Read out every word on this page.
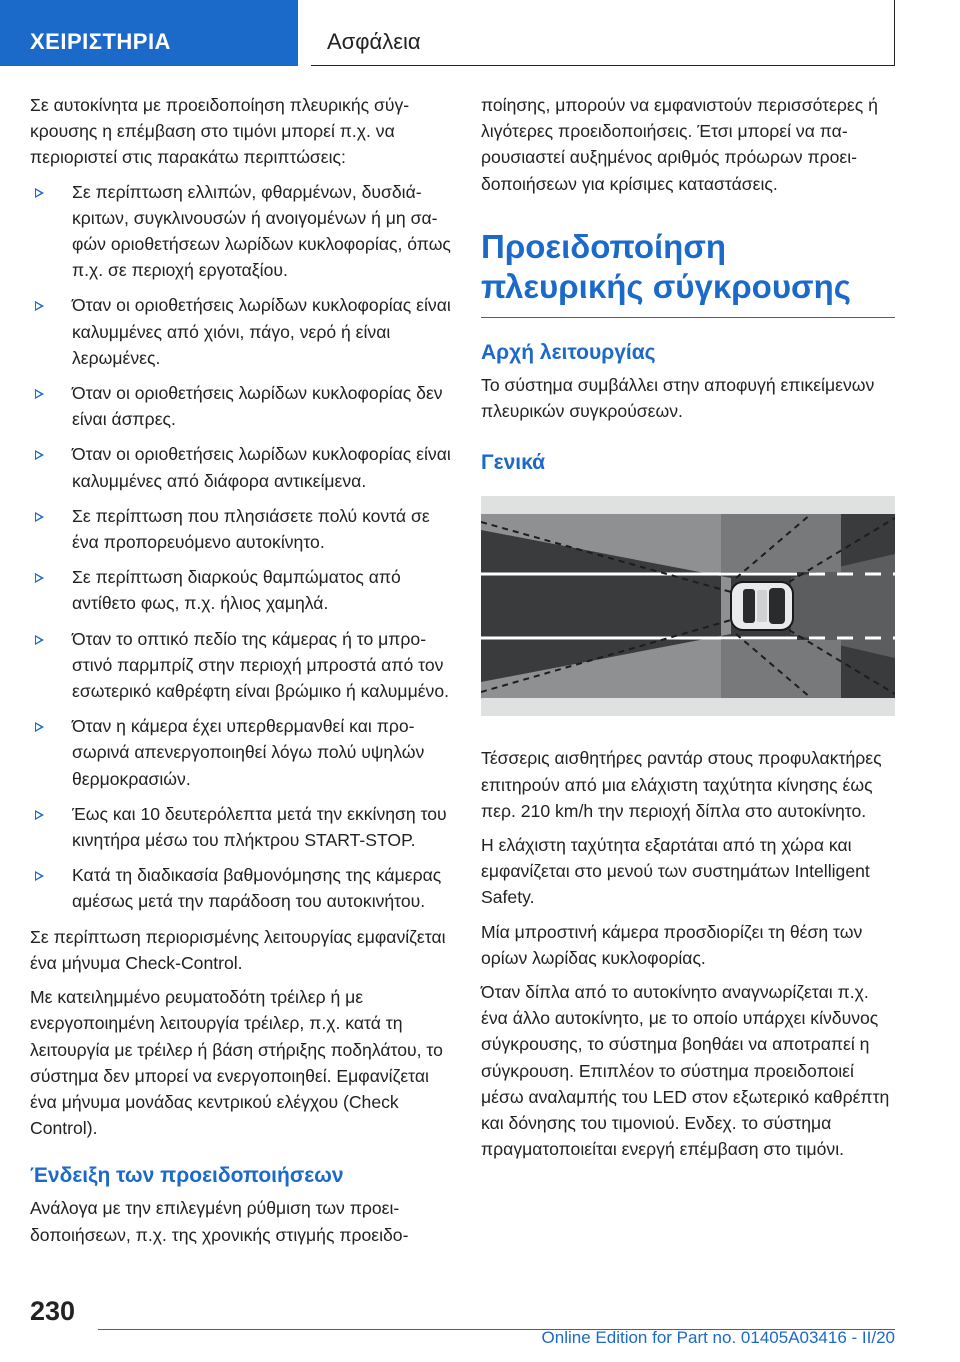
ΧΕΙΡΙΣΤΗΡΙΑ	Ασφάλεια

Σε αυτοκίνητα με προειδοποίηση πλευρικής σύγκρουσης η επέμβαση στο τιμόνι μπορεί π.χ. να περιοριστεί στις παρακάτω περιπτώσεις:

Σε περίπτωση ελλιπών, φθαρμένων, δυσδιάκριτων, συγκλινουσών ή ανοιγομένων ή μη σαφών οριοθετήσεων λωρίδων κυκλοφορίας, όπως π.χ. σε περιοχή εργοταξίου.
Όταν οι οριοθετήσεις λωρίδων κυκλοφορίας είναι καλυμμένες από χιόνι, πάγο, νερό ή είναι λερωμένες.
Όταν οι οριοθετήσεις λωρίδων κυκλοφορίας δεν είναι άσπρες.
Όταν οι οριοθετήσεις λωρίδων κυκλοφορίας είναι καλυμμένες από διάφορα αντικείμενα.
Σε περίπτωση που πλησιάσετε πολύ κοντά σε ένα προπορευόμενο αυτοκίνητο.
Σε περίπτωση διαρκούς θαμπώματος από αντίθετο φως, π.χ. ήλιος χαμηλά.
Όταν το οπτικό πεδίο της κάμερας ή το μπροστινό παρμπρίζ στην περιοχή μπροστά από τον εσωτερικό καθρέφτη είναι βρώμικο ή καλυμμένο.
Όταν η κάμερα έχει υπερθερμανθεί και προσωρινά απενεργοποιηθεί λόγω πολύ υψηλών θερμοκρασιών.
Έως και 10 δευτερόλεπτα μετά την εκκίνηση του κινητήρα μέσω του πλήκτρου START-STOP.
Κατά τη διαδικασία βαθμονόμησης της κάμερας αμέσως μετά την παράδοση του αυτοκινήτου.

Σε περίπτωση περιορισμένης λειτουργίας εμφανίζεται ένα μήνυμα Check-Control.

Με κατειλημμένο ρευματοδότη τρέιλερ ή με ενεργοποιημένη λειτουργία τρέιλερ, π.χ. κατά τη λειτουργία με τρέιλερ ή βάση στήριξης ποδηλάτου, το σύστημα δεν μπορεί να ενεργοποιηθεί. Εμφανίζεται ένα μήνυμα μονάδας κεντρικού ελέγχου (Check Control).

Ένδειξη των προειδοποιήσεων

Ανάλογα με την επιλεγμένη ρύθμιση των προειδοποιήσεων, π.χ. της χρονικής στιγμής προειδο-

ποίησης, μπορούν να εμφανιστούν περισσότερες ή λιγότερες προειδοποιήσεις. Έτσι μπορεί να παρουσιαστεί αυξημένος αριθμός πρόωρων προειδοποιήσεων για κρίσιμες καταστάσεις.

Προειδοποίηση πλευρικής σύγκρουσης
Αρχή λειτουργίας

Το σύστημα συμβάλλει στην αποφυγή επικείμενων πλευρικών συγκρούσεων.

Γενικά

Τέσσερις αισθητήρες ραντάρ στους προφυλακτήρες επιτηρούν από μια ελάχιστη ταχύτητα κίνησης έως περ. 210 km/h την περιοχή δίπλα στο αυτοκίνητο.

Η ελάχιστη ταχύτητα εξαρτάται από τη χώρα και εμφανίζεται στο μενού των συστημάτων Intelligent Safety.

Μία μπροστινή κάμερα προσδιορίζει τη θέση των ορίων λωρίδας κυκλοφορίας.

Όταν δίπλα από το αυτοκίνητο αναγνωρίζεται π.χ. ένα άλλο αυτοκίνητο, με το οποίο υπάρχει κίνδυνος σύγκρουσης, το σύστημα βοηθάει να αποτραπεί η σύγκρουση. Επιπλέον το σύστημα προειδοποιεί μέσω αναλαμπής του LED στον εξωτερικό καθρέπτη και δόνησης του τιμονιού. Ενδεχ. το σύστημα πραγματοποιείται ενεργή επέμβαση στο τιμόνι.

230
Online Edition for Part no. 01405A03416 - II/20
